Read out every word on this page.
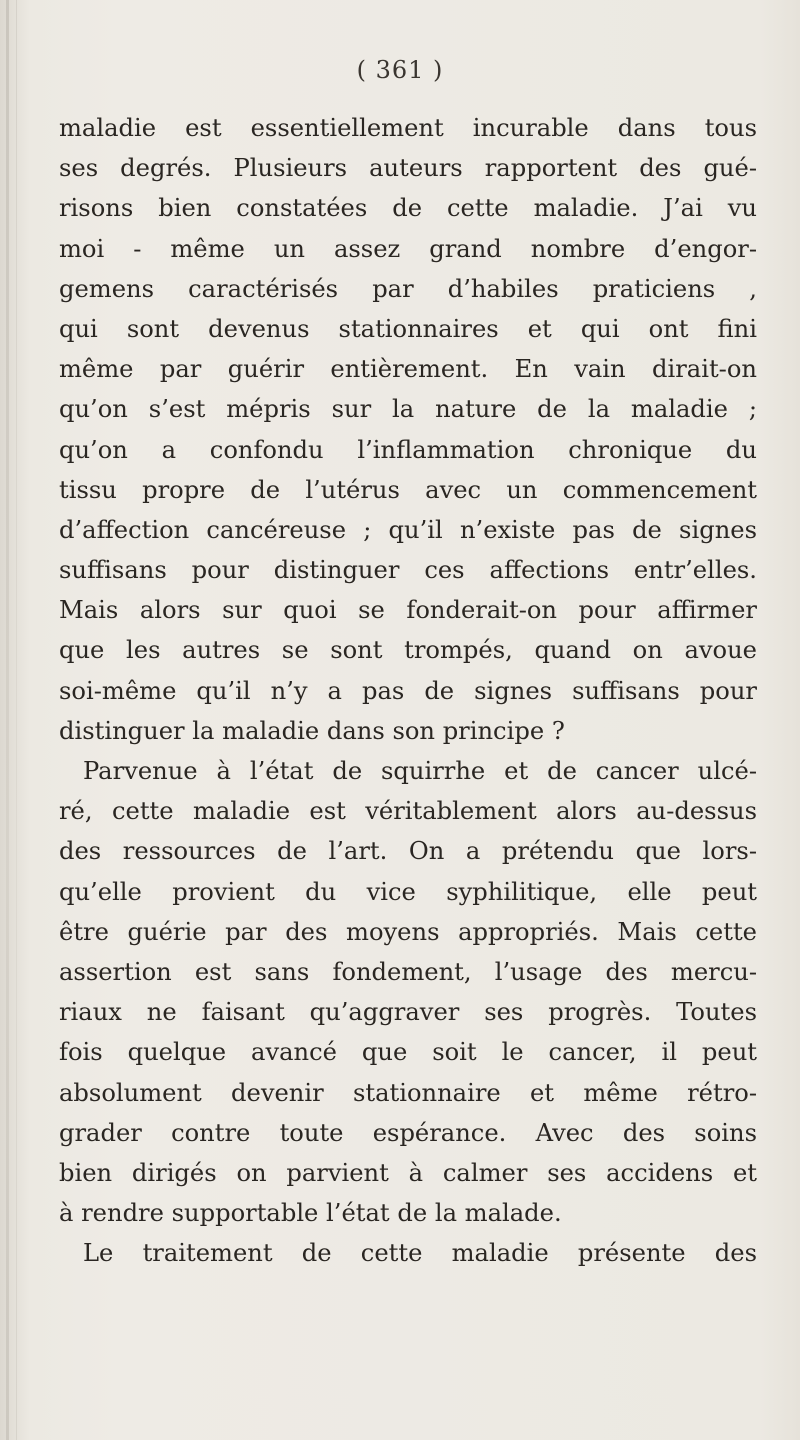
( 361 )
maladie est essentiellement incurable dans tous
ses degrés. Plusieurs auteurs rapportent des gué-
risons bien constatées de cette maladie. J’ai vu
moi - même un assez grand nombre d’engor-
gemens caractérisés par d’habiles praticiens ,
qui sont devenus stationnaires et qui ont fini
même par guérir entièrement. En vain dirait-on
qu’on s’est mépris sur la nature de la maladie ;
qu’on a confondu l’inflammation chronique du
tissu propre de l’utérus avec un commencement
d’affection cancéreuse ; qu’il n’existe pas de signes
suffisans pour distinguer ces affections entr’elles.
Mais alors sur quoi se fonderait-on pour affirmer
que les autres se sont trompés, quand on avoue
soi-même qu’il n’y a pas de signes suffisans pour
distinguer la maladie dans son principe ?
Parvenue à l’état de squirrhe et de cancer ulcé-
ré, cette maladie est véritablement alors au-dessus
des ressources de l’art. On a prétendu que lors-
qu’elle provient du vice syphilitique, elle peut
être guérie par des moyens appropriés. Mais cette
assertion est sans fondement, l’usage des mercu-
riaux ne faisant qu’aggraver ses progrès. Toutes
fois quelque avancé que soit le cancer, il peut
absolument devenir stationnaire et même rétro-
grader contre toute espérance. Avec des soins
bien dirigés on parvient à calmer ses accidens et
à rendre supportable l’état de la malade.
Le traitement de cette maladie présente des
